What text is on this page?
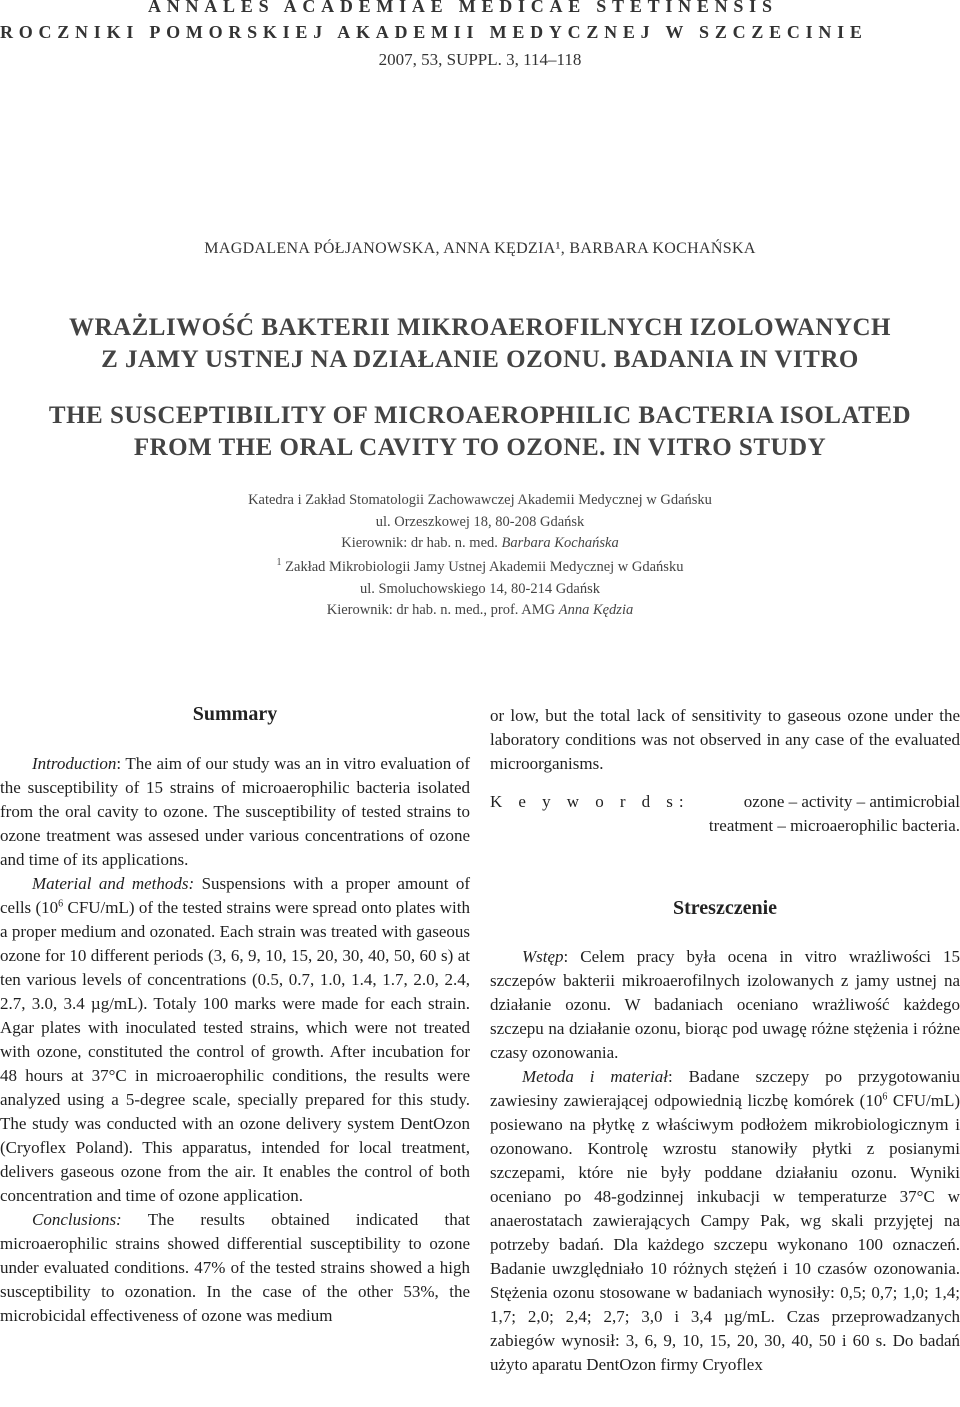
ANNALES ACADEMIAE MEDICAE STETINENSIS
ROCZNIKI POMORSKIEJ AKADEMII MEDYCZNEJ W SZCZECINIE
2007, 53, SUPPL. 3, 114–118
MAGDALENA PÓŁJANOWSKA, ANNA KĘDZIA¹, BARBARA KOCHAŃSKA
WRAŻLIWOŚĆ BAKTERII MIKROAEROFILNYCH IZOLOWANYCH
Z JAMY USTNEJ NA DZIAŁANIE OZONU. BADANIA IN VITRO
THE SUSCEPTIBILITY OF MICROAEROPHILIC BACTERIA ISOLATED
FROM THE ORAL CAVITY TO OZONE. IN VITRO STUDY
Katedra i Zakład Stomatologii Zachowawczej Akademii Medycznej w Gdańsku
ul. Orzeszkowej 18, 80-208 Gdańsk
Kierownik: dr hab. n. med. Barbara Kochańska
$^1$ Zakład Mikrobiologii Jamy Ustnej Akademii Medycznej w Gdańsku
ul. Smoluchowskiego 14, 80-214 Gdańsk
Kierownik: dr hab. n. med., prof. AMG Anna Kędzia
Summary

Introduction: The aim of our study was an in vitro evaluation of the susceptibility of 15 strains of microaerophilic bacteria isolated from the oral cavity to ozone. The susceptibility of tested strains to ozone treatment was assesed under various concentrations of ozone and time of its applications.

Material and methods: Suspensions with a proper amount of cells ($10^6$ CFU/mL) of the tested strains were spread onto plates with a proper medium and ozonated. Each strain was treated with gaseous ozone for 10 different periods (3, 6, 9, 10, 15, 20, 30, 40, 50, 60 s) at ten various levels of concentrations (0.5, 0.7, 1.0, 1.4, 1.7, 2.0, 2.4, 2.7, 3.0, 3.4 µg/mL). Totaly 100 marks were made for each strain. Agar plates with inoculated tested strains, which were not treated with ozone, constituted the control of growth. After incubation for 48 hours at 37°C in microaerophilic conditions, the results were analyzed using a 5-degree scale, specially prepared for this study. The study was conducted with an ozone delivery system DentOzon (Cryoflex Poland). This apparatus, intended for local treatment, delivers gaseous ozone from the air. It enables the control of both concentration and time of ozone application.

Conclusions: The results obtained indicated that microaerophilic strains showed differential susceptibility to ozone under evaluated conditions. 47% of the tested strains showed a high susceptibility to ozonation. In the case of the other 53%, the microbicidal effectiveness of ozone was medium

or low, but the total lack of sensitivity to gaseous ozone under the laboratory conditions was not observed in any case of the evaluated microorganisms.

K e y w o r d s:	ozone – activity – antimicrobial treatment – microaerophilic bacteria.
Streszczenie

Wstęp: Celem pracy była ocena in vitro wrażliwości 15 szczepów bakterii mikroaerofilnych izolowanych z jamy ustnej na działanie ozonu. W badaniach oceniano wrażliwość każdego szczepu na działanie ozonu, biorąc pod uwagę różne stężenia i różne czasy ozonowania.

Metoda i materiał: Badane szczepy po przygotowaniu zawiesiny zawierającej odpowiednią liczbę komórek ($10^6$ CFU/mL) posiewano na płytkę z właściwym podłożem mikrobiologicznym i ozonowano. Kontrolę wzrostu stanowiły płytki z posianymi szczepami, które nie były poddane działaniu ozonu. Wyniki oceniano po 48-godzinnej inkubacji w temperaturze 37°C w anaerostatach zawierających Campy Pak, wg skali przyjętej na potrzeby badań. Dla każdego szczepu wykonano 100 oznaczeń. Badanie uwzględniało 10 różnych stężeń i 10 czasów ozonowania. Stężenia ozonu stosowane w badaniach wynosiły: 0,5; 0,7; 1,0; 1,4; 1,7; 2,0; 2,4; 2,7; 3,0 i 3,4 µg/mL. Czas przeprowadzanych zabiegów wynosił: 3, 6, 9, 10, 15, 20, 30, 40, 50 i 60 s. Do badań użyto aparatu DentOzon firmy Cryoflex
